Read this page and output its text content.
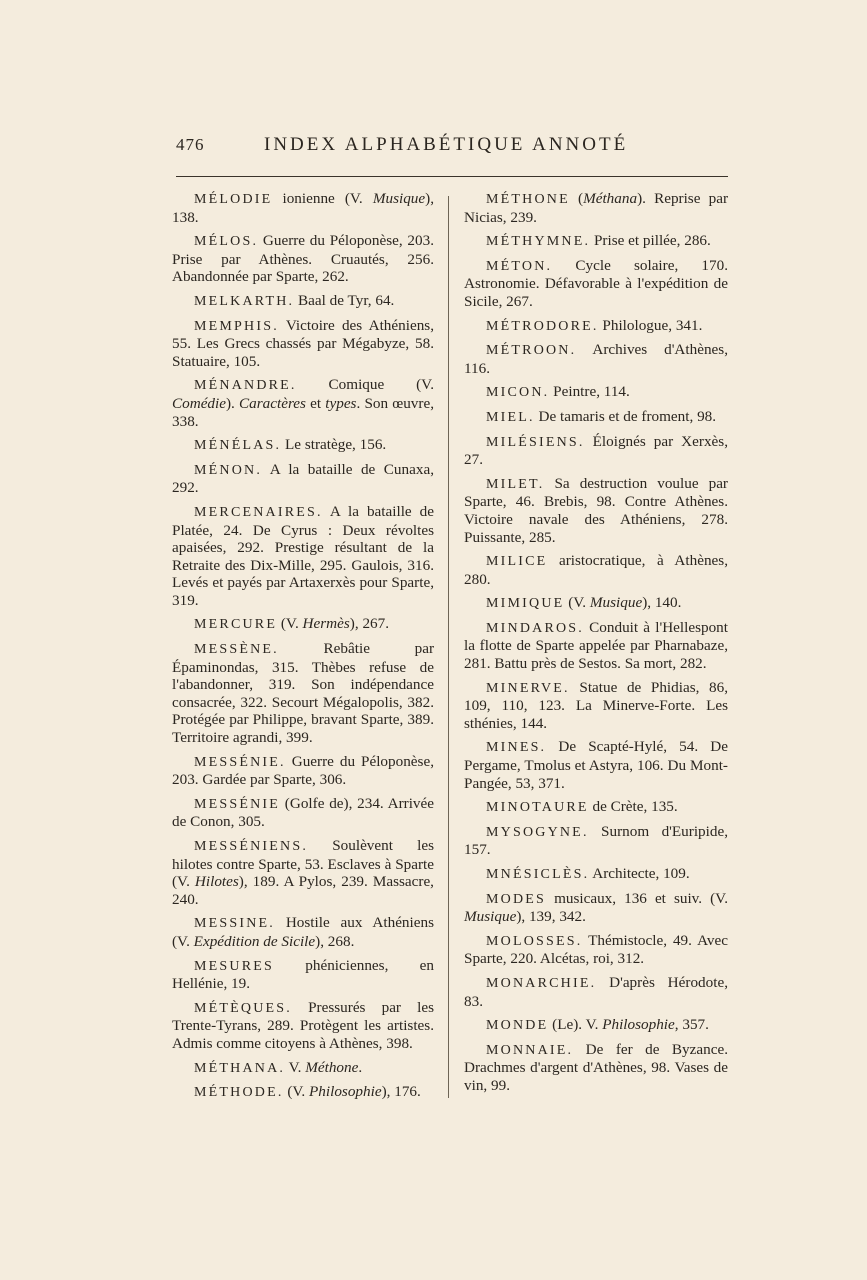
476	INDEX ALPHABÉTIQUE ANNOTÉ

MÉLODIE ionienne (V. Musique), 138.

MÉLOS. Guerre du Péloponèse, 203. Prise par Athènes. Cruautés, 256. Abandonnée par Sparte, 262.

MELKARTH. Baal de Tyr, 64.

MEMPHIS. Victoire des Athéniens, 55. Les Grecs chassés par Mégabyze, 58. Statuaire, 105.

MÉNANDRE. Comique (V. Comédie). Caractères et types. Son œuvre, 338.

MÉNÉLAS. Le stratège, 156.

MÉNON. A la bataille de Cunaxa, 292.

MERCENAIRES. A la bataille de Platée, 24. De Cyrus : Deux révoltes apaisées, 292. Prestige résultant de la Retraite des Dix-Mille, 295. Gaulois, 316. Levés et payés par Artaxerxès pour Sparte, 319.

MERCURE (V. Hermès), 267.

MESSÈNE. Rebâtie par Épaminondas, 315. Thèbes refuse de l'abandonner, 319. Son indépendance consacrée, 322. Secourt Mégalopolis, 382. Protégée par Philippe, bravant Sparte, 389. Territoire agrandi, 399.

MESSÉNIE. Guerre du Péloponèse, 203. Gardée par Sparte, 306.

MESSÉNIE (Golfe de), 234. Arrivée de Conon, 305.

MESSÉNIENS. Soulèvent les hilotes contre Sparte, 53. Esclaves à Sparte (V. Hilotes), 189. A Pylos, 239. Massacre, 240.

MESSINE. Hostile aux Athéniens (V. Expédition de Sicile), 268.

MESURES phéniciennes, en Hellénie, 19.

MÉTÈQUES. Pressurés par les Trente-Tyrans, 289. Protègent les artistes. Admis comme citoyens à Athènes, 398.

MÉTHANA. V. Méthone.

MÉTHODE. (V. Philosophie), 176.

MÉTHONE (Méthana). Reprise par Nicias, 239.

MÉTHYMNE. Prise et pillée, 286.

MÉTON. Cycle solaire, 170. Astronomie. Défavorable à l'expédition de Sicile, 267.

MÉTRODORE. Philologue, 341.

MÉTROON. Archives d'Athènes, 116.

MICON. Peintre, 114.

MIEL. De tamaris et de froment, 98.

MILÉSIENS. Éloignés par Xerxès, 27.

MILET. Sa destruction voulue par Sparte, 46. Brebis, 98. Contre Athènes. Victoire navale des Athéniens, 278. Puissante, 285.

MILICE aristocratique, à Athènes, 280.

MIMIQUE (V. Musique), 140.

MINDAROS. Conduit à l'Hellespont la flotte de Sparte appelée par Pharnabaze, 281. Battu près de Sestos. Sa mort, 282.

MINERVE. Statue de Phidias, 86, 109, 110, 123. La Minerve-Forte. Les sthénies, 144.

MINES. De Scapté-Hylé, 54. De Pergame, Tmolus et Astyra, 106. Du Mont-Pangée, 53, 371.

MINOTAURE de Crète, 135.

MYSOGYNE. Surnom d'Euripide, 157.

MNÉSICLÈS. Architecte, 109.

MODES musicaux, 136 et suiv. (V. Musique), 139, 342.

MOLOSSES. Thémistocle, 49. Avec Sparte, 220. Alcétas, roi, 312.

MONARCHIE. D'après Hérodote, 83.

MONDE (Le). V. Philosophie, 357.

MONNAIE. De fer de Byzance. Drachmes d'argent d'Athènes, 98. Vases de vin, 99.
